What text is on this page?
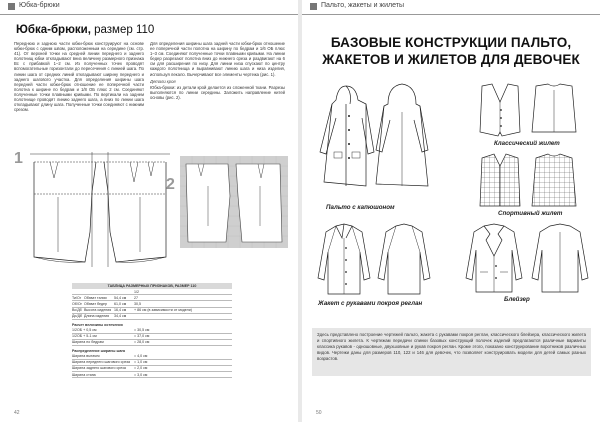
Юбка-брюки
Юбка-брюки, размер 110

Переднюю и заднюю части юбки-брюк конструируют на основе юбки-брюк с одним швом, расположенным на середине (см. стр. 41). От верхней точки на средней линии переднего и заднего полотнищ юбки откладывают вниз величину размерного признака Вс с прибавкой 1–2 см. Из полученных точек проводят вспомогательные горизонтали до пересечения с линией шага. По линии шага от средних линий откладывают ширину переднего и заднего шагового участка. Для определения ширины шага передней части юбки-брюк отношение ее поперечной части полотна к ширине по бедрам и 1/8 ОБ плюс 2 см. Соединяют полученные точки плавными кривыми. По вертикали на заднем полотнище проводят линию заднего шага, а вниз по линии шага откладывают длину шага. Полученные точки соединяют с нижним срезом.

Для определения ширины шага задней части юбки-брюк отношение ее поперечной части полотна на ширину по бедрам и 1/6 ОБ плюс 1–3 см. Соединяют полученные точки плавными кривыми. На линии бедер разрезают полотна вниз до нижнего среза и раздвигают на 6 см для расширения по низу. Для линии низа спускают по центру каждого полотнища и выравнивают линию шага и низа изделия, используя лекало. Вычерчивают все элементы чертежа (рис. 1).

Детали кроя

Юбка-брюки: из детали крой делается из сложенной ткани. Разрезы выполняются по линии середины. Заложить направление нитей основы (рис. 2).

1
2
ТАБЛИЦА РАЗМЕРНЫХ ПРИЗНАКОВ, РАЗМЕР 110
1/2
Ти/Ог Обхват талии	54,4 см	27
Об/Ог Обхват бедер	61,0 см	30,5
Вс/Дб Высота сидения 16,4 см	+ 86 см (в зависимости от модели)
Ди/Дб Длина изделия	34,4 см
Расчет величины истечения
1/2ОБ + 0,5 см	= 30,5 см
1/2ОБ + 5-1 см	= 37,0 см
Ширина по бедрам	= 28,0 см
Распределение ширины шага
Ширина вытачек	= 4,0 см
Ширина переднего шагового среза	= 1,0 см
Ширина заднего шагового среза	= 2,0 см
Ширина стана	= 3,0 см
42
Пальто, жакеты и жилеты
БАЗОВЫЕ КОНСТРУКЦИИ ПАЛЬТО,
ЖАКЕТОВ И ЖИЛЕТОВ ДЛЯ ДЕВОЧЕК
Пальто с капюшоном
Классический жилет
Спортивный жилет
Жакет с рукавами покроя реглан
Блейзер
Здесь представлено построение чертежей пальто, жакета с рукавами покроя реглан, классического блейзера, классического жилета и спортивного жилета. К чертежам передачи спинки базовых конструкций полочек изделий предлагаются различные варианты классика рукавов - одношовные, двухшовные и рукав покроя реглан. Кроме этого, показано конструирование воротников различных видов. Чертежи даны для размеров 110, 122 и 146 для девочек, что позволяет конструировать модели для детей самых разных возрастов.
50
